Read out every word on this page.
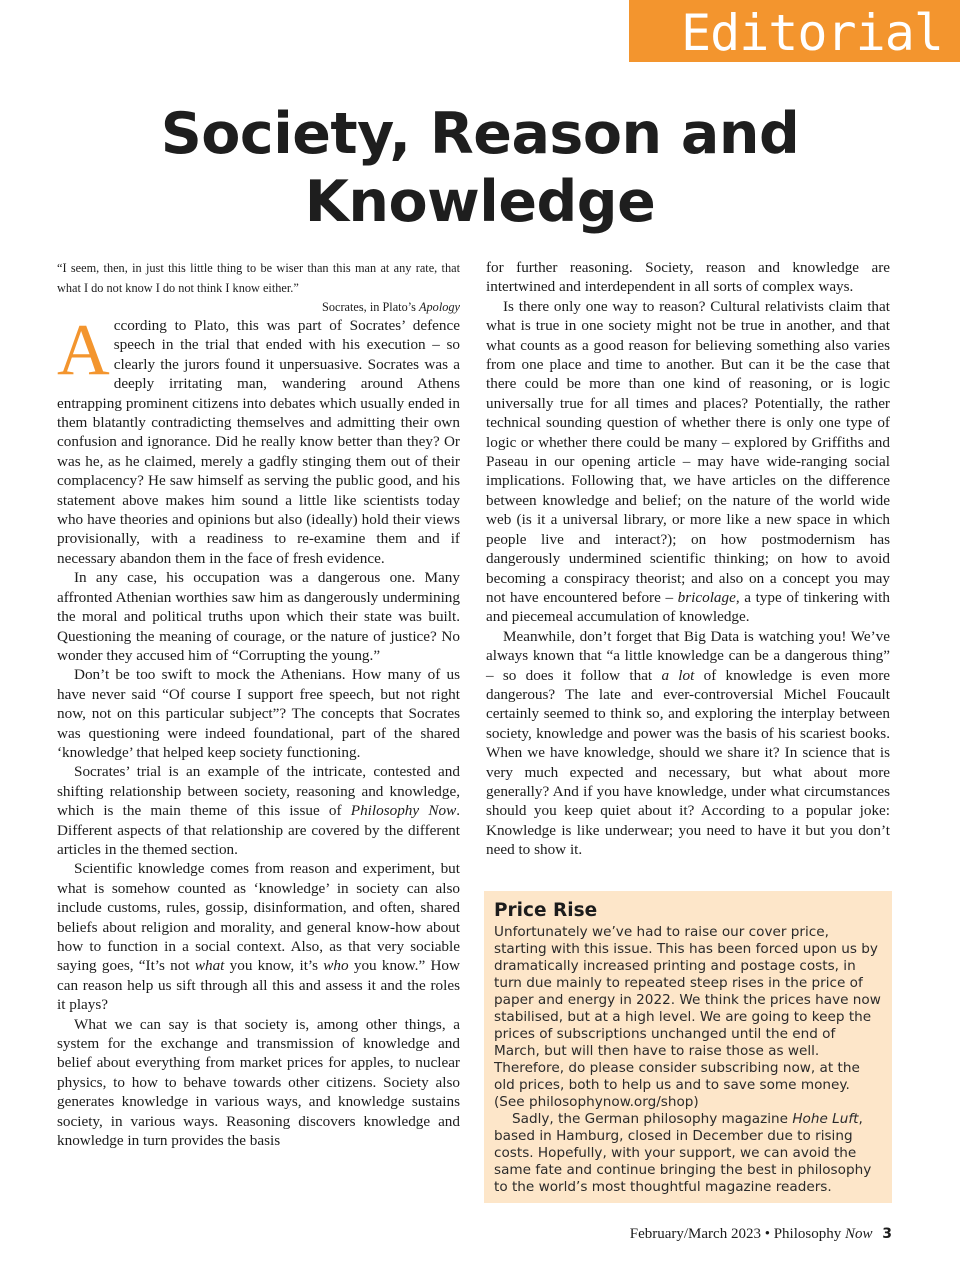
Editorial
Society, Reason and Knowledge

“I seem, then, in just this little thing to be wiser than this man at any rate, that what I do not know I do not think I know either.”

Socrates, in Plato’s Apology

According to Plato, this was part of Socrates’ defence speech in the trial that ended with his execution – so clearly the jurors found it unpersuasive. Socrates was a deeply irritating man, wandering around Athens entrapping prominent citizens into debates which usually ended in them blatantly contradicting themselves and admitting their own confusion and ignorance. Did he really know better than they? Or was he, as he claimed, merely a gadfly stinging them out of their complacency? He saw himself as serving the public good, and his statement above makes him sound a little like scientists today who have theories and opinions but also (ideally) hold their views provisionally, with a readiness to re-examine them and if necessary abandon them in the face of fresh evidence.

In any case, his occupation was a dangerous one. Many affronted Athenian worthies saw him as dangerously undermining the moral and political truths upon which their state was built. Questioning the meaning of courage, or the nature of justice? No wonder they accused him of “Corrupting the young.”

Don’t be too swift to mock the Athenians. How many of us have never said “Of course I support free speech, but not right now, not on this particular subject”? The concepts that Socrates was questioning were indeed foundational, part of the shared ‘knowledge’ that helped keep society functioning.

Socrates’ trial is an example of the intricate, contested and shifting relationship between society, reasoning and knowledge, which is the main theme of this issue of Philosophy Now. Different aspects of that relationship are covered by the different articles in the themed section.

Scientific knowledge comes from reason and experiment, but what is somehow counted as ‘knowledge’ in society can also include customs, rules, gossip, disinformation, and often, shared beliefs about religion and morality, and general know-how about how to function in a social context. Also, as that very sociable saying goes, “It’s not what you know, it’s who you know.” How can reason help us sift through all this and assess it and the roles it plays?

What we can say is that society is, among other things, a system for the exchange and transmission of knowledge and belief about everything from market prices for apples, to nuclear physics, to how to behave towards other citizens. Society also generates knowledge in various ways, and knowledge sustains society, in various ways. Reasoning discovers knowledge and knowledge in turn provides the basis

for further reasoning. Society, reason and knowledge are intertwined and interdependent in all sorts of complex ways.

Is there only one way to reason? Cultural relativists claim that what is true in one society might not be true in another, and that what counts as a good reason for believing something also varies from one place and time to another. But can it be the case that there could be more than one kind of reasoning, or is logic universally true for all times and places? Potentially, the rather technical sounding question of whether there is only one type of logic or whether there could be many – explored by Griffiths and Paseau in our opening article – may have wide-ranging social implications. Following that, we have articles on the difference between knowledge and belief; on the nature of the world wide web (is it a universal library, or more like a new space in which people live and interact?); on how postmodernism has dangerously undermined scientific thinking; on how to avoid becoming a conspiracy theorist; and also on a concept you may not have encountered before – bricolage, a type of tinkering with and piecemeal accumulation of knowledge.

Meanwhile, don’t forget that Big Data is watching you! We’ve always known that “a little knowledge can be a dangerous thing” – so does it follow that a lot of knowledge is even more dangerous? The late and ever-controversial Michel Foucault certainly seemed to think so, and exploring the interplay between society, knowledge and power was the basis of his scariest books. When we have knowledge, should we share it? In science that is very much expected and necessary, but what about more generally? And if you have knowledge, under what circumstances should you keep quiet about it? According to a popular joke: Knowledge is like underwear; you need to have it but you don’t need to show it.

Price Rise

Unfortunately we’ve had to raise our cover price, starting with this issue. This has been forced upon us by dramatically increased printing and postage costs, in turn due mainly to repeated steep rises in the price of paper and energy in 2022. We think the prices have now stabilised, but at a high level. We are going to keep the prices of subscriptions unchanged until the end of March, but will then have to raise those as well. Therefore, do please consider subscribing now, at the old prices, both to help us and to save some money. (See philosophynow.org/shop)

Sadly, the German philosophy magazine Hohe Luft, based in Hamburg, closed in December due to rising costs. Hopefully, with your support, we can avoid the same fate and continue bringing the best in philosophy to the world’s most thoughtful magazine readers.

February/March 2023 • Philosophy Now 3
